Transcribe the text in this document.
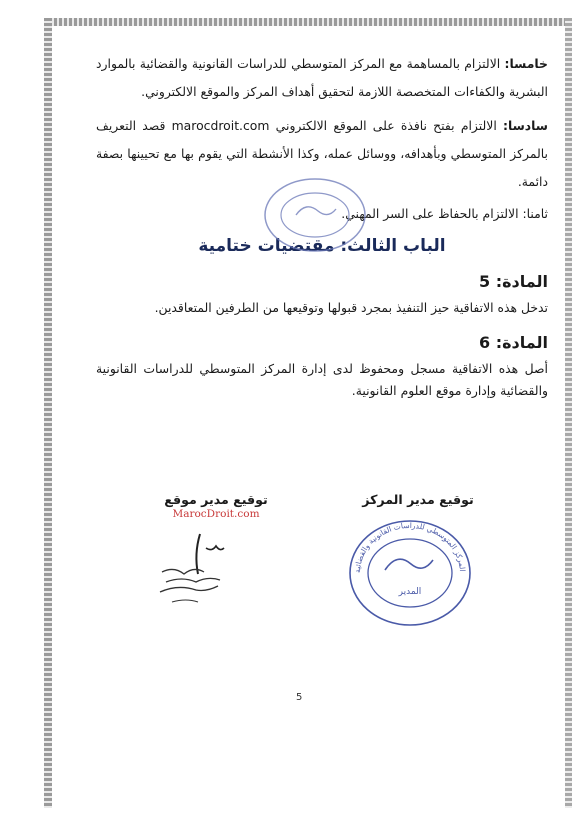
خامسا: الالتزام بالمساهمة مع المركز المتوسطي للدراسات القانونية والقضائية بالموارد البشرية والكفاءات المتخصصة اللازمة لتحقيق أهداف المركز والموقع الالكتروني.

سادسا: الالتزام بفتح نافذة على الموقع الالكتروني marocdroit.com قصد التعريف بالمركز المتوسطي وبأهدافه، ووسائل عمله، وكذا الأنشطة التي يقوم بها مع تحيينها بصفة دائمة.

ثامنا: الالتزام بالحفاظ على السر المهني.

الباب الثالث: مقتضيات ختامية
المادة: 5

تدخل هذه الاتفاقية حيز التنفيذ بمجرد قبولها وتوقيعها من الطرفين المتعاقدين.

المادة: 6

أصل هذه الاتفاقية مسجل ومحفوظ لدى إدارة المركز المتوسطي للدراسات القانونية والقضائية وإدارة موقع العلوم القانونية.

توقيع مدير المركز
توقيع مدير موقع
MarocDroit.com
المركز المتوسطي للدراسات القانونية والقضائية
المدير
5
